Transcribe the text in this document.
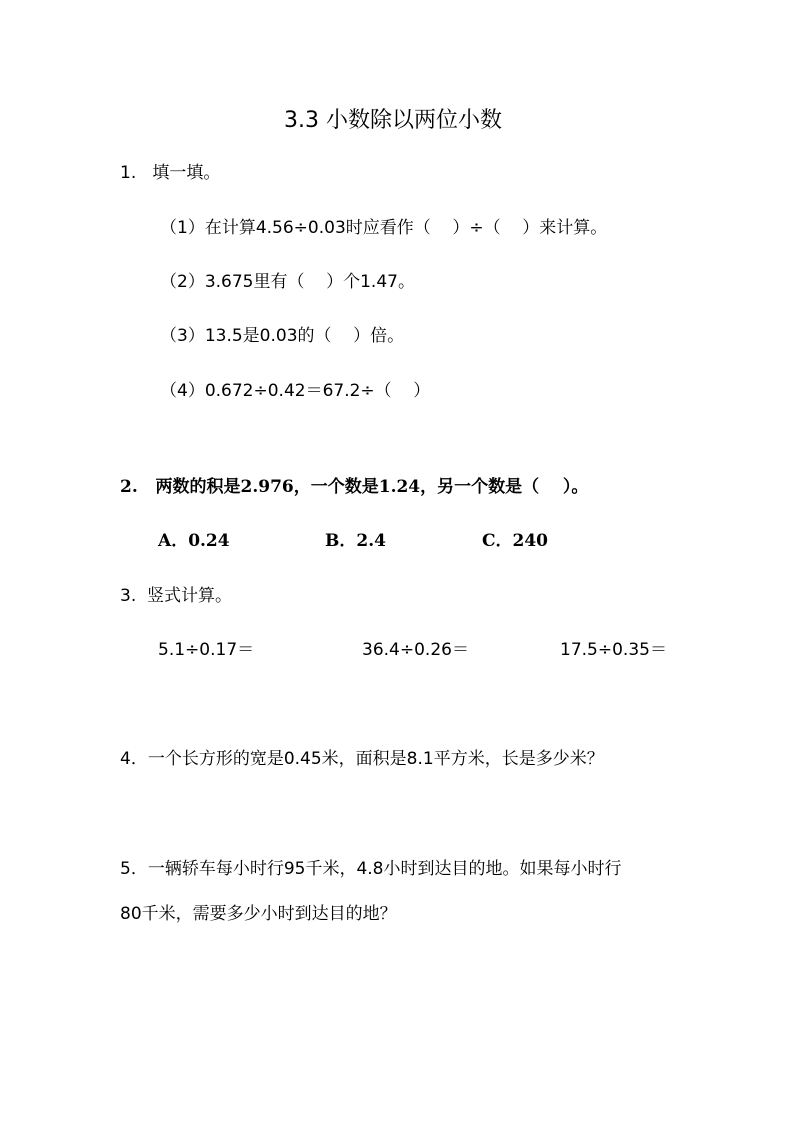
3.3 小数除以两位小数
1.   填一填。
（1）在计算4.56÷0.03时应看作（    ）÷（    ）来计算。
（2）3.675里有（    ）个1.47。
（3）13.5是0.03的（    ）倍。
（4）0.672÷0.42＝67.2÷（    ）
2.   两数的积是2.976，一个数是1.24，另一个数是（    ）。
A．0.24	B．2.4	C．240
3.  竖式计算。
5.1÷0.17＝	36.4÷0.26＝	17.5÷0.35＝
4．一个长方形的宽是0.45米，面积是8.1平方米，长是多少米？
5．一辆轿车每小时行95千米，4.8小时到达目的地。如果每小时行
80千米，需要多少小时到达目的地？
